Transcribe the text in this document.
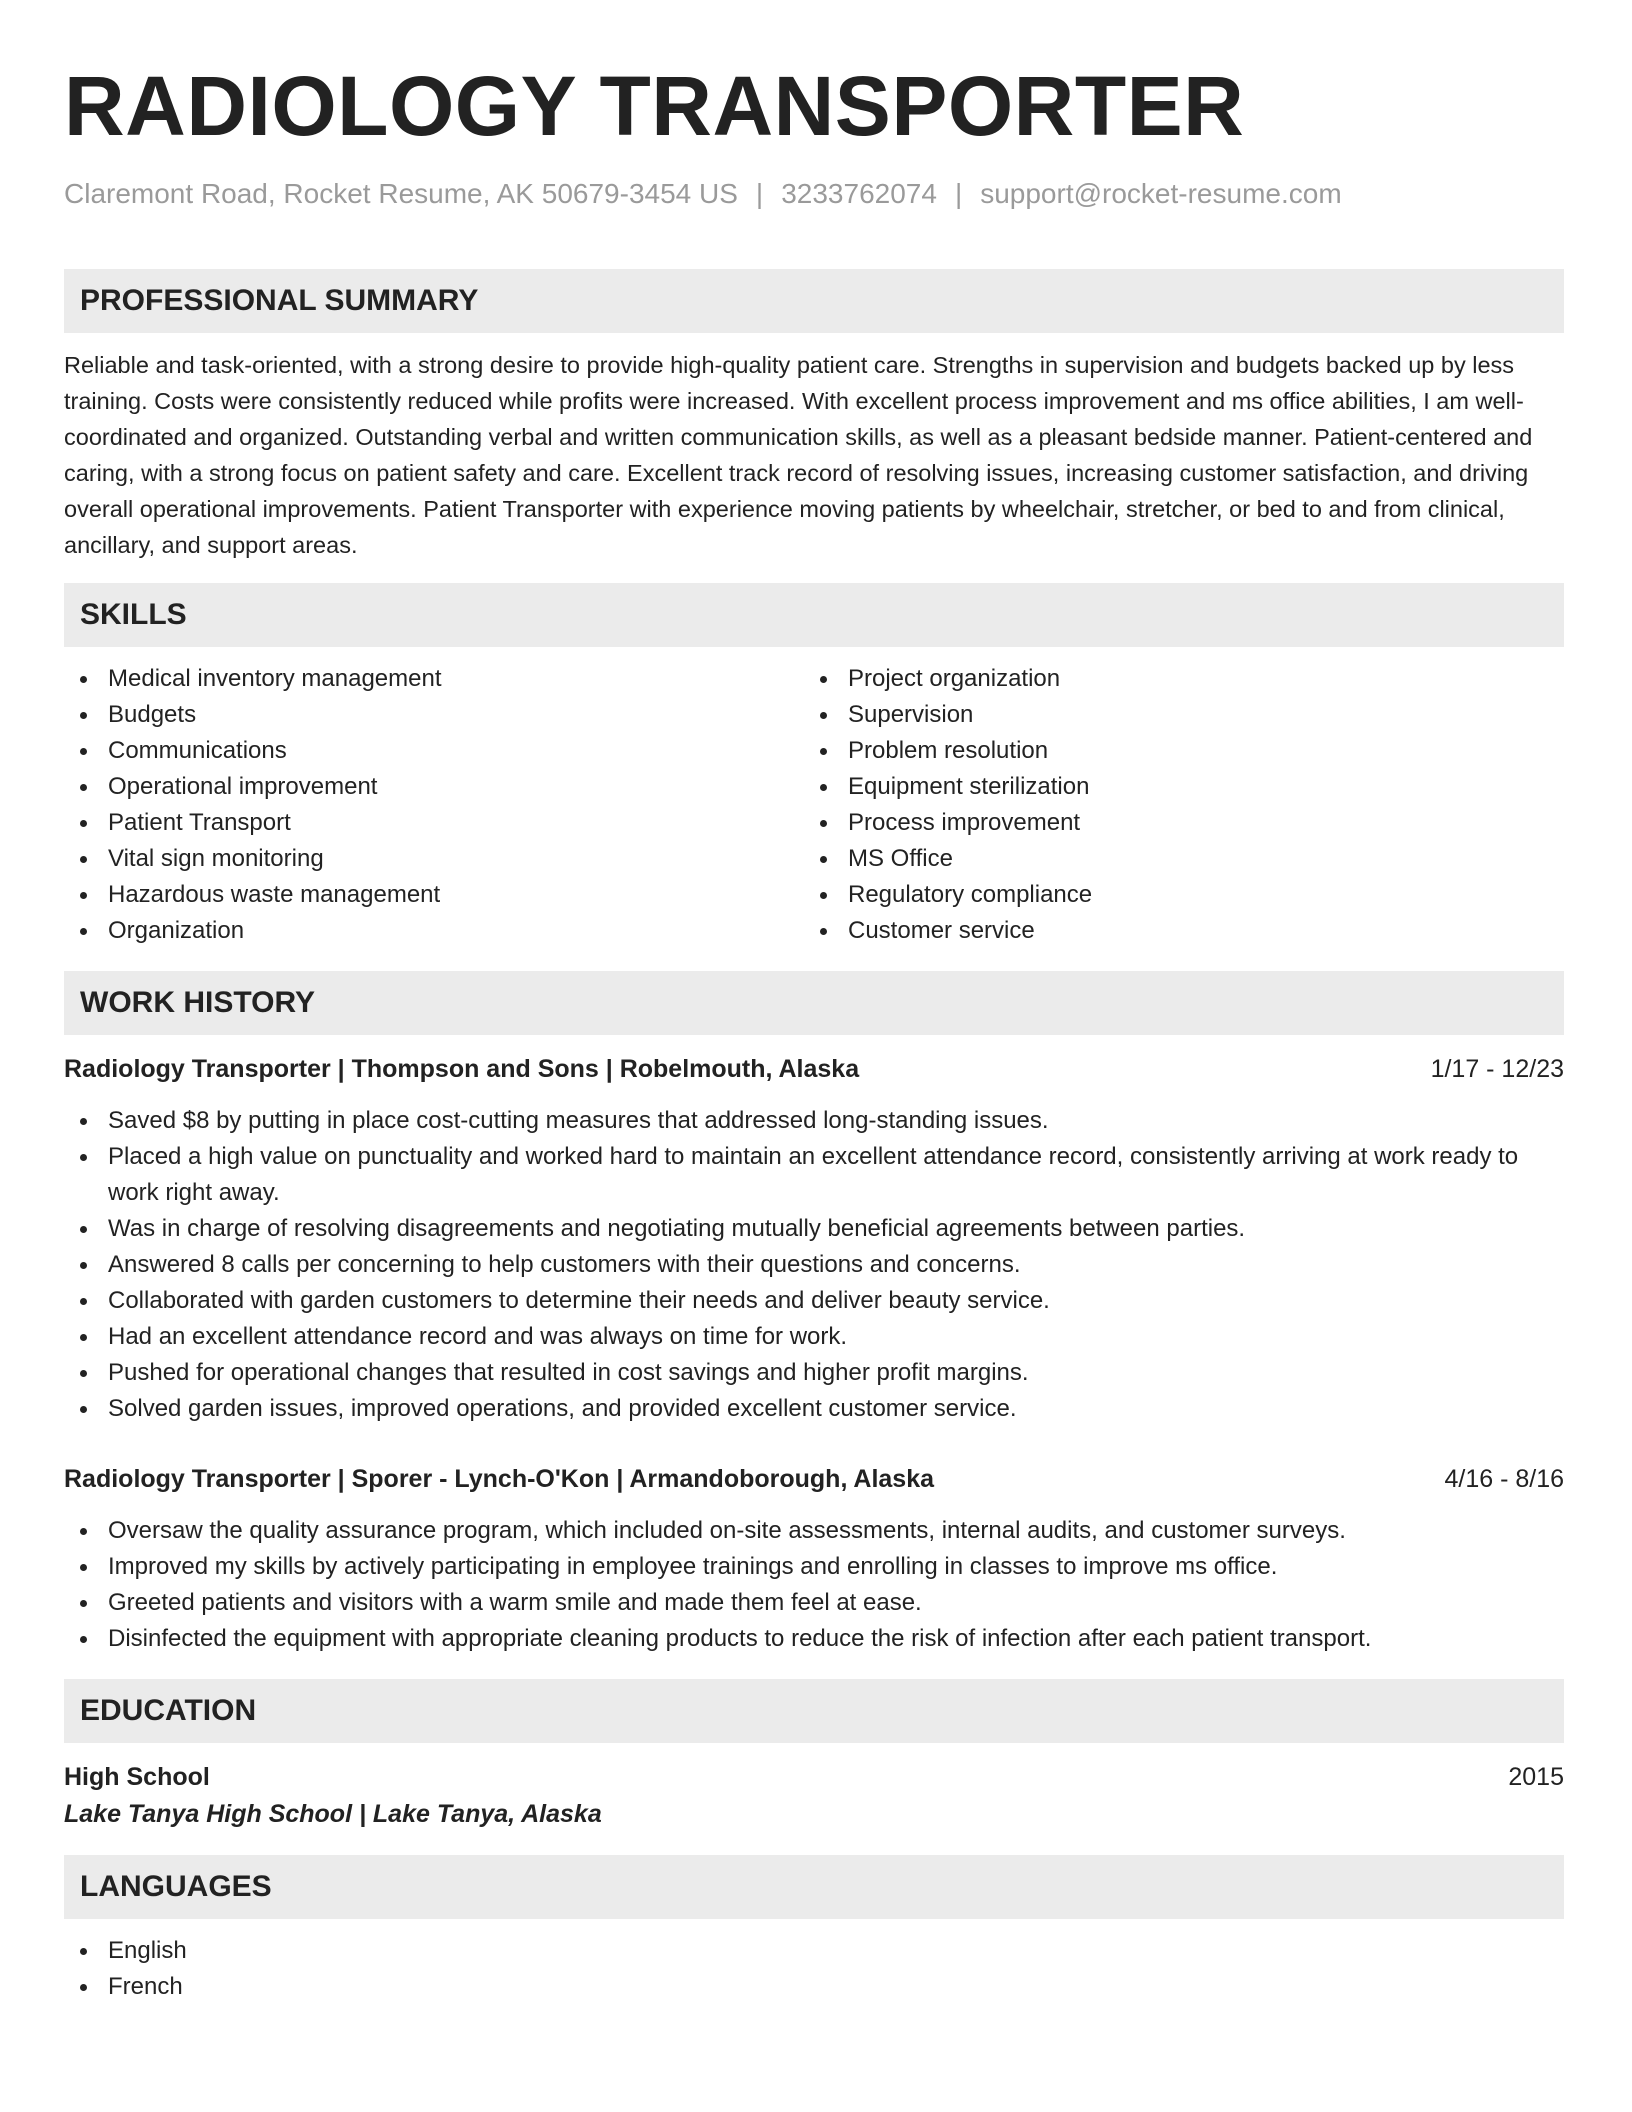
RADIOLOGY TRANSPORTER
Claremont Road, Rocket Resume, AK 50679-3454 US | 3233762074 | support@rocket-resume.com
PROFESSIONAL SUMMARY
Reliable and task-oriented, with a strong desire to provide high-quality patient care. Strengths in supervision and budgets backed up by less training. Costs were consistently reduced while profits were increased. With excellent process improvement and ms office abilities, I am well-coordinated and organized. Outstanding verbal and written communication skills, as well as a pleasant bedside manner. Patient-centered and caring, with a strong focus on patient safety and care. Excellent track record of resolving issues, increasing customer satisfaction, and driving overall operational improvements. Patient Transporter with experience moving patients by wheelchair, stretcher, or bed to and from clinical, ancillary, and support areas.
SKILLS
Medical inventory management
Budgets
Communications
Operational improvement
Patient Transport
Vital sign monitoring
Hazardous waste management
Organization
Project organization
Supervision
Problem resolution
Equipment sterilization
Process improvement
MS Office
Regulatory compliance
Customer service
WORK HISTORY
Radiology Transporter | Thompson and Sons | Robelmouth, Alaska	1/17 - 12/23
Saved $8 by putting in place cost-cutting measures that addressed long-standing issues.
Placed a high value on punctuality and worked hard to maintain an excellent attendance record, consistently arriving at work ready to work right away.
Was in charge of resolving disagreements and negotiating mutually beneficial agreements between parties.
Answered 8 calls per concerning to help customers with their questions and concerns.
Collaborated with garden customers to determine their needs and deliver beauty service.
Had an excellent attendance record and was always on time for work.
Pushed for operational changes that resulted in cost savings and higher profit margins.
Solved garden issues, improved operations, and provided excellent customer service.
Radiology Transporter | Sporer - Lynch-O'Kon | Armandoborough, Alaska	4/16 - 8/16
Oversaw the quality assurance program, which included on-site assessments, internal audits, and customer surveys.
Improved my skills by actively participating in employee trainings and enrolling in classes to improve ms office.
Greeted patients and visitors with a warm smile and made them feel at ease.
Disinfected the equipment with appropriate cleaning products to reduce the risk of infection after each patient transport.
EDUCATION
High School	2015
Lake Tanya High School | Lake Tanya, Alaska
LANGUAGES
English
French
